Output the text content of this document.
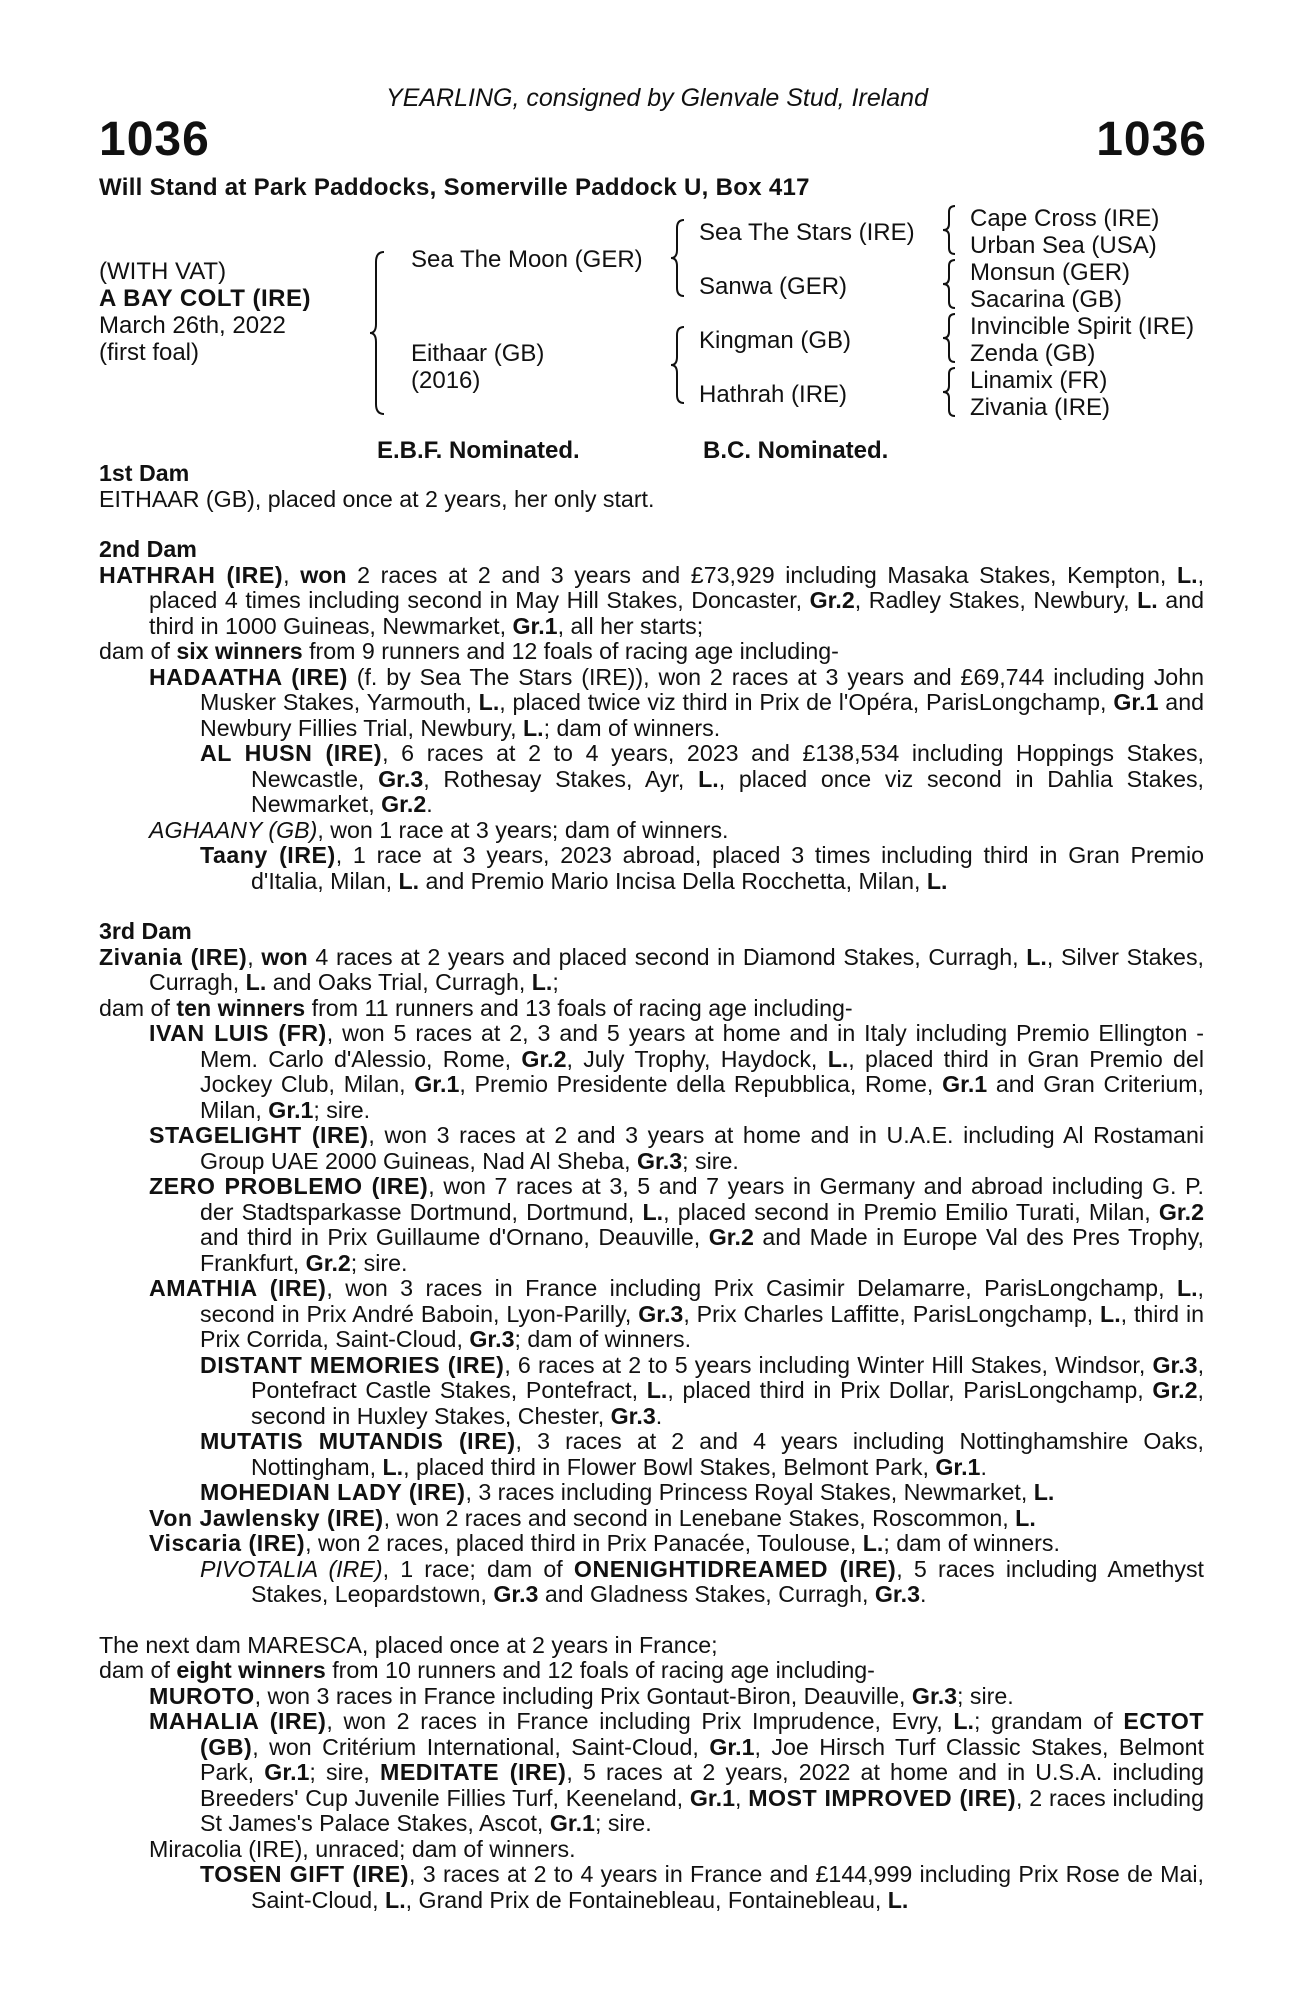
YEARLING, consigned by Glenvale Stud, Ireland
1036	1036
Will Stand at Park Paddocks, Somerville Paddock U, Box 417
(WITH VAT)
A BAY COLT (IRE)
March 26th, 2022
(first foal)
Sea The Moon (GER)
Eithaar (GB)
(2016)
Sea The Stars (IRE)
Sanwa (GER)
Kingman (GB)
Hathrah (IRE)
Cape Cross (IRE)
Urban Sea (USA)
Monsun (GER)
Sacarina (GB)
Invincible Spirit (IRE)
Zenda (GB)
Linamix (FR)
Zivania (IRE)
E.B.F. Nominated.	B.C. Nominated.
1st Dam
EITHAAR (GB), placed once at 2 years, her only start.
2nd Dam
HATHRAH (IRE), won 2 races at 2 and 3 years and £73,929 including Masaka Stakes, Kempton, L., placed 4 times including second in May Hill Stakes, Doncaster, Gr.2, Radley Stakes, Newbury, L. and third in 1000 Guineas, Newmarket, Gr.1, all her starts;
dam of six winners from 9 runners and 12 foals of racing age including-
HADAATHA (IRE) (f. by Sea The Stars (IRE)), won 2 races at 3 years and £69,744 including John Musker Stakes, Yarmouth, L., placed twice viz third in Prix de l'Opéra, ParisLongchamp, Gr.1 and Newbury Fillies Trial, Newbury, L.; dam of winners.
AL HUSN (IRE), 6 races at 2 to 4 years, 2023 and £138,534 including Hoppings Stakes, Newcastle, Gr.3, Rothesay Stakes, Ayr, L., placed once viz second in Dahlia Stakes, Newmarket, Gr.2.
AGHAANY (GB), won 1 race at 3 years; dam of winners.
Taany (IRE), 1 race at 3 years, 2023 abroad, placed 3 times including third in Gran Premio d'Italia, Milan, L. and Premio Mario Incisa Della Rocchetta, Milan, L.
3rd Dam
Zivania (IRE), won 4 races at 2 years and placed second in Diamond Stakes, Curragh, L., Silver Stakes, Curragh, L. and Oaks Trial, Curragh, L.;
dam of ten winners from 11 runners and 13 foals of racing age including-
IVAN LUIS (FR), won 5 races at 2, 3 and 5 years at home and in Italy including Premio Ellington - Mem. Carlo d'Alessio, Rome, Gr.2, July Trophy, Haydock, L., placed third in Gran Premio del Jockey Club, Milan, Gr.1, Premio Presidente della Repubblica, Rome, Gr.1 and Gran Criterium, Milan, Gr.1; sire.
STAGELIGHT (IRE), won 3 races at 2 and 3 years at home and in U.A.E. including Al Rostamani Group UAE 2000 Guineas, Nad Al Sheba, Gr.3; sire.
ZERO PROBLEMO (IRE), won 7 races at 3, 5 and 7 years in Germany and abroad including G. P. der Stadtsparkasse Dortmund, Dortmund, L., placed second in Premio Emilio Turati, Milan, Gr.2 and third in Prix Guillaume d'Ornano, Deauville, Gr.2 and Made in Europe Val des Pres Trophy, Frankfurt, Gr.2; sire.
AMATHIA (IRE), won 3 races in France including Prix Casimir Delamarre, ParisLongchamp, L., second in Prix André Baboin, Lyon-Parilly, Gr.3, Prix Charles Laffitte, ParisLongchamp, L., third in Prix Corrida, Saint-Cloud, Gr.3; dam of winners.
DISTANT MEMORIES (IRE), 6 races at 2 to 5 years including Winter Hill Stakes, Windsor, Gr.3, Pontefract Castle Stakes, Pontefract, L., placed third in Prix Dollar, ParisLongchamp, Gr.2, second in Huxley Stakes, Chester, Gr.3.
MUTATIS MUTANDIS (IRE), 3 races at 2 and 4 years including Nottinghamshire Oaks, Nottingham, L., placed third in Flower Bowl Stakes, Belmont Park, Gr.1.
MOHEDIAN LADY (IRE), 3 races including Princess Royal Stakes, Newmarket, L.
Von Jawlensky (IRE), won 2 races and second in Lenebane Stakes, Roscommon, L.
Viscaria (IRE), won 2 races, placed third in Prix Panacée, Toulouse, L.; dam of winners.
PIVOTALIA (IRE), 1 race; dam of ONENIGHTIDREAMED (IRE), 5 races including Amethyst Stakes, Leopardstown, Gr.3 and Gladness Stakes, Curragh, Gr.3.
The next dam MARESCA, placed once at 2 years in France;
dam of eight winners from 10 runners and 12 foals of racing age including-
MUROTO, won 3 races in France including Prix Gontaut-Biron, Deauville, Gr.3; sire.
MAHALIA (IRE), won 2 races in France including Prix Imprudence, Evry, L.; grandam of ECTOT (GB), won Critérium International, Saint-Cloud, Gr.1, Joe Hirsch Turf Classic Stakes, Belmont Park, Gr.1; sire, MEDITATE (IRE), 5 races at 2 years, 2022 at home and in U.S.A. including Breeders' Cup Juvenile Fillies Turf, Keeneland, Gr.1, MOST IMPROVED (IRE), 2 races including St James's Palace Stakes, Ascot, Gr.1; sire.
Miracolia (IRE), unraced; dam of winners.
TOSEN GIFT (IRE), 3 races at 2 to 4 years in France and £144,999 including Prix Rose de Mai, Saint-Cloud, L., Grand Prix de Fontainebleau, Fontainebleau, L.
